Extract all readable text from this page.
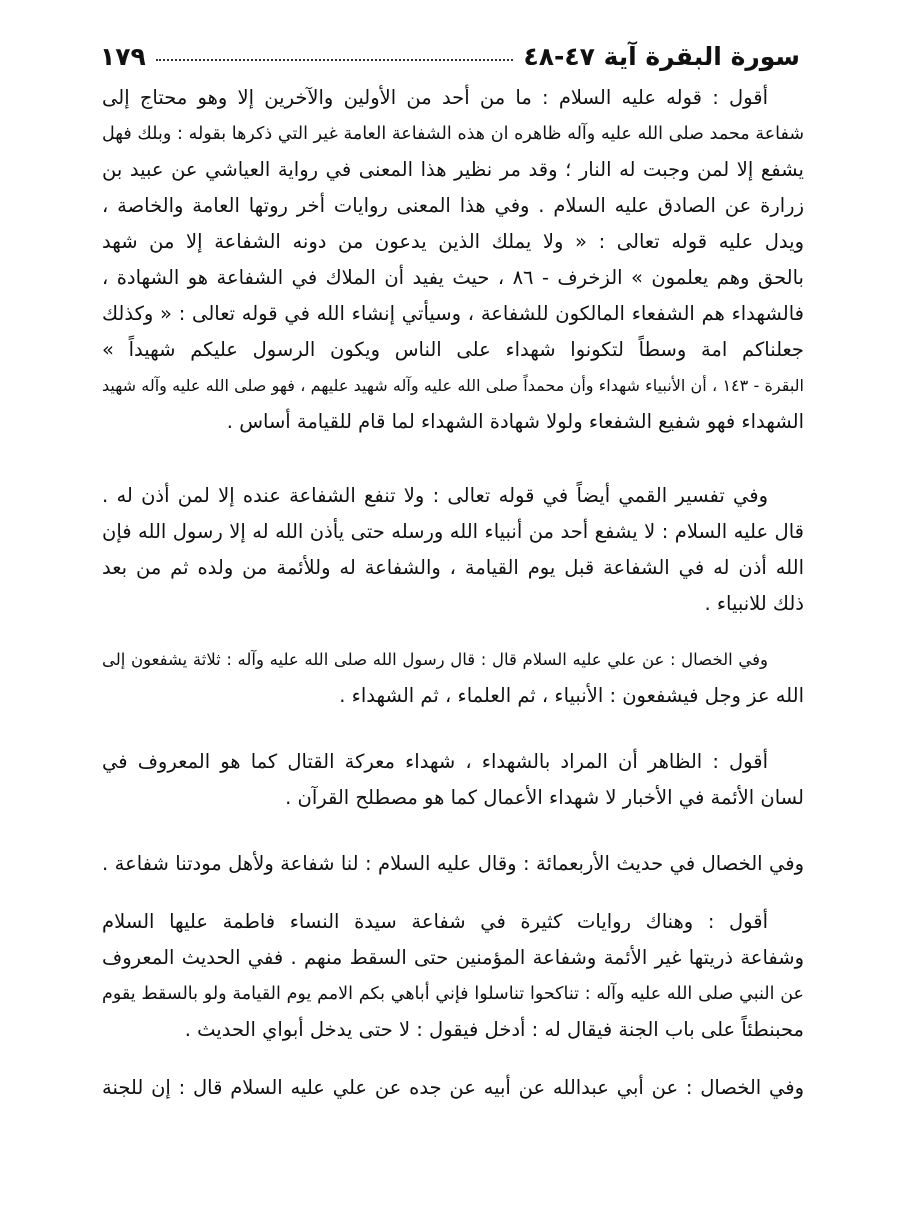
سورة البقرة آية ٤٧-٤٨
١٧٩
أقول : قوله عليه السلام : ما من أحد من الأولين والآخرين إلا وهو محتاج إلى
شفاعة محمد صلى الله عليه وآله ظاهره ان هذه الشفاعة العامة غير التي ذكرها بقوله : وبلك فهل
يشفع إلا لمن وجبت له النار ؛ وقد مر نظير هذا المعنى في رواية العياشي عن عبيد بن
زرارة عن الصادق عليه السلام . وفي هذا المعنى روايات أخر روتها العامة والخاصة ،
ويدل عليه قوله تعالى : « ولا يملك الذين يدعون من دونه الشفاعة إلا من شهد
بالحق وهم يعلمون » الزخرف - ٨٦ ، حيث يفيد أن الملاك في الشفاعة هو الشهادة ،
فالشهداء هم الشفعاء المالكون للشفاعة ، وسيأتي إنشاء الله في قوله تعالى : « وكذلك
جعلناكم امة وسطاً لتكونوا شهداء على الناس ويكون الرسول عليكم شهيداً »
البقرة - ١٤٣ ، أن الأنبياء شهداء وأن محمداً صلى الله عليه وآله شهيد عليهم ، فهو صلى الله عليه وآله شهيد
الشهداء فهو شفيع الشفعاء ولولا شهادة الشهداء لما قام للقيامة أساس .
وفي تفسير القمي أيضاً في قوله تعالى : ولا تنفع الشفاعة عنده إلا لمن أذن له .
قال عليه السلام : لا يشفع أحد من أنبياء الله ورسله حتى يأذن الله له إلا رسول الله فإن
الله أذن له في الشفاعة قبل يوم القيامة ، والشفاعة له وللأئمة من ولده ثم من بعد
ذلك للانبياء .
وفي الخصال : عن علي عليه السلام قال : قال رسول الله صلى الله عليه وآله : ثلاثة يشفعون إلى
الله عز وجل فيشفعون : الأنبياء ، ثم العلماء ، ثم الشهداء .
أقول : الظاهر أن المراد بالشهداء ، شهداء معركة القتال كما هو المعروف في
لسان الأئمة في الأخبار لا شهداء الأعمال كما هو مصطلح القرآن .
وفي الخصال في حديث الأربعمائة : وقال عليه السلام : لنا شفاعة ولأهل مودتنا شفاعة .
أقول : وهناك روايات كثيرة في شفاعة سيدة النساء فاطمة عليها السلام
وشفاعة ذريتها غير الأئمة وشفاعة المؤمنين حتى السقط منهم . ففي الحديث المعروف
عن النبي صلى الله عليه وآله : تناكحوا تناسلوا فإني أباهي بكم الامم يوم القيامة ولو بالسقط يقوم
محبنطئاً على باب الجنة فيقال له : أدخل فيقول : لا حتى يدخل أبواي الحديث .
وفي الخصال : عن أبي عبدالله عن أبيه عن جده عن علي عليه السلام قال : إن للجنة
